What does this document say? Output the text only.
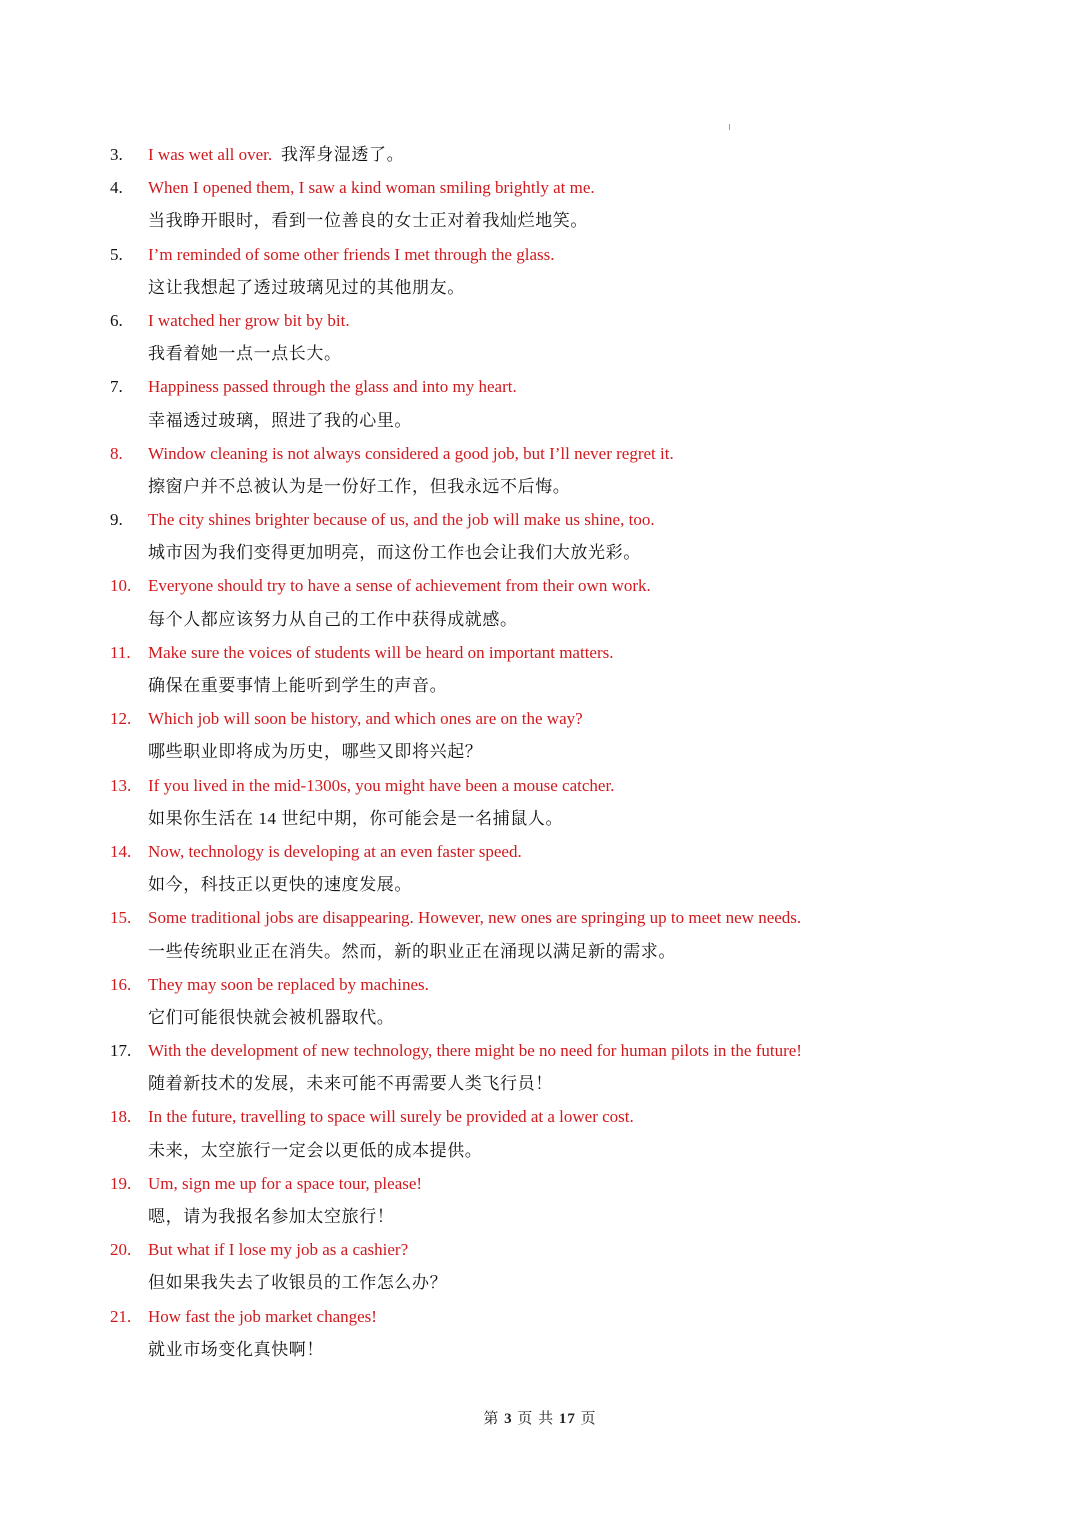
3. I was wet all over. 我浑身湿透了。
4. When I opened them, I saw a kind woman smiling brightly at me.
当我睁开眼时，看到一位善良的女士正对着我灿烂地笑。
5. I’m reminded of some other friends I met through the glass.
这让我想起了透过玻璃见过的其他朋友。
6. I watched her grow bit by bit.
我看着她一点一点长大。
7. Happiness passed through the glass and into my heart.
幸福透过玻璃，照进了我的心里。
8. Window cleaning is not always considered a good job, but I’ll never regret it.
擦窗户并不总被认为是一份好工作，但我永远不后悔。
9. The city shines brighter because of us, and the job will make us shine, too.
城市因为我们变得更加明亮，而这份工作也会让我们大放光彩。
10. Everyone should try to have a sense of achievement from their own work.
每个人都应该努力从自己的工作中获得成就感。
11. Make sure the voices of students will be heard on important matters.
确保在重要事情上能听到学生的声音。
12. Which job will soon be history, and which ones are on the way?
哪些职业即将成为历史，哪些又即将兴起？
13. If you lived in the mid-1300s, you might have been a mouse catcher.
如果你生活在 14 世纪中期，你可能会是一名捕鼠人。
14. Now, technology is developing at an even faster speed.
如今，科技正以更快的速度发展。
15. Some traditional jobs are disappearing. However, new ones are springing up to meet new needs.
一些传统职业正在消失。然而，新的职业正在涌现以满足新的需求。
16. They may soon be replaced by machines.
它们可能很快就会被机器取代。
17. With the development of new technology, there might be no need for human pilots in the future!
随着新技术的发展，未来可能不再需要人类飞行员！
18. In the future, travelling to space will surely be provided at a lower cost.
未来，太空旅行一定会以更低的成本提供。
19. Um, sign me up for a space tour, please!
嗯，请为我报名参加太空旅行！
20. But what if I lose my job as a cashier?
但如果我失去了收银员的工作怎么办？
21. How fast the job market changes!
就业市场变化真快啊！
第 3 页 共 17 页
